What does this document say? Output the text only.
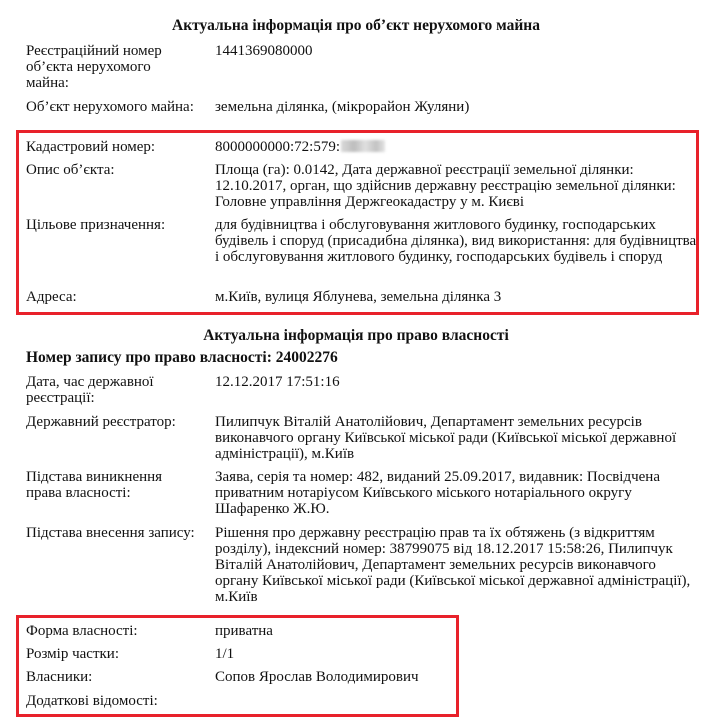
Актуальна інформація про об’єкт нерухомого майна
Реєстраційний номер об’єкта нерухомого майна:
1441369080000
Об’єкт нерухомого майна: земельна ділянка, (мікрорайон Жуляни)
Кадастровий номер:	8000000000:72:579:
Опис об’єкта:	Площа (га): 0.0142, Дата державної реєстрації земельної ділянки: 12.10.2017, орган, що здійснив державну реєстрацію земельної ділянки: Головне управління Держгеокадастру у м. Києві
Цільове призначення:	для будівництва і обслуговування житлового будинку, господарських будівель і споруд (присадибна ділянка), вид використання: для будівництва і обслуговування житлового будинку, господарських будівель і споруд
Адреса:	м.Київ, вулиця Яблунева, земельна ділянка 3
Актуальна інформація про право власності
Номер запису про право власності: 24002276
Дата, час державної реєстрації:
12.12.2017 17:51:16
Державний реєстратор:	Пилипчук Віталій Анатолійович, Департамент земельних ресурсів виконавчого органу Київської міської ради (Київської міської державної адміністрації), м.Київ
Підстава виникнення права власності:
Заява, серія та номер: 482, виданий 25.09.2017, видавник: Посвідчена приватним нотаріусом Київського міського нотаріального округу Шафаренко Ж.Ю.
Підстава внесення запису: Рішення про державну реєстрацію прав та їх обтяжень (з відкриттям розділу), індексний номер: 38799075 від 18.12.2017 15:58:26, Пилипчук Віталій Анатолійович, Департамент земельних ресурсів виконавчого органу Київської міської ради (Київської міської державної адміністрації), м.Київ
Форма власності:	приватна
Розмір частки:	1/1
Власники:	Сопов Ярослав Володимирович
Додаткові відомості:
